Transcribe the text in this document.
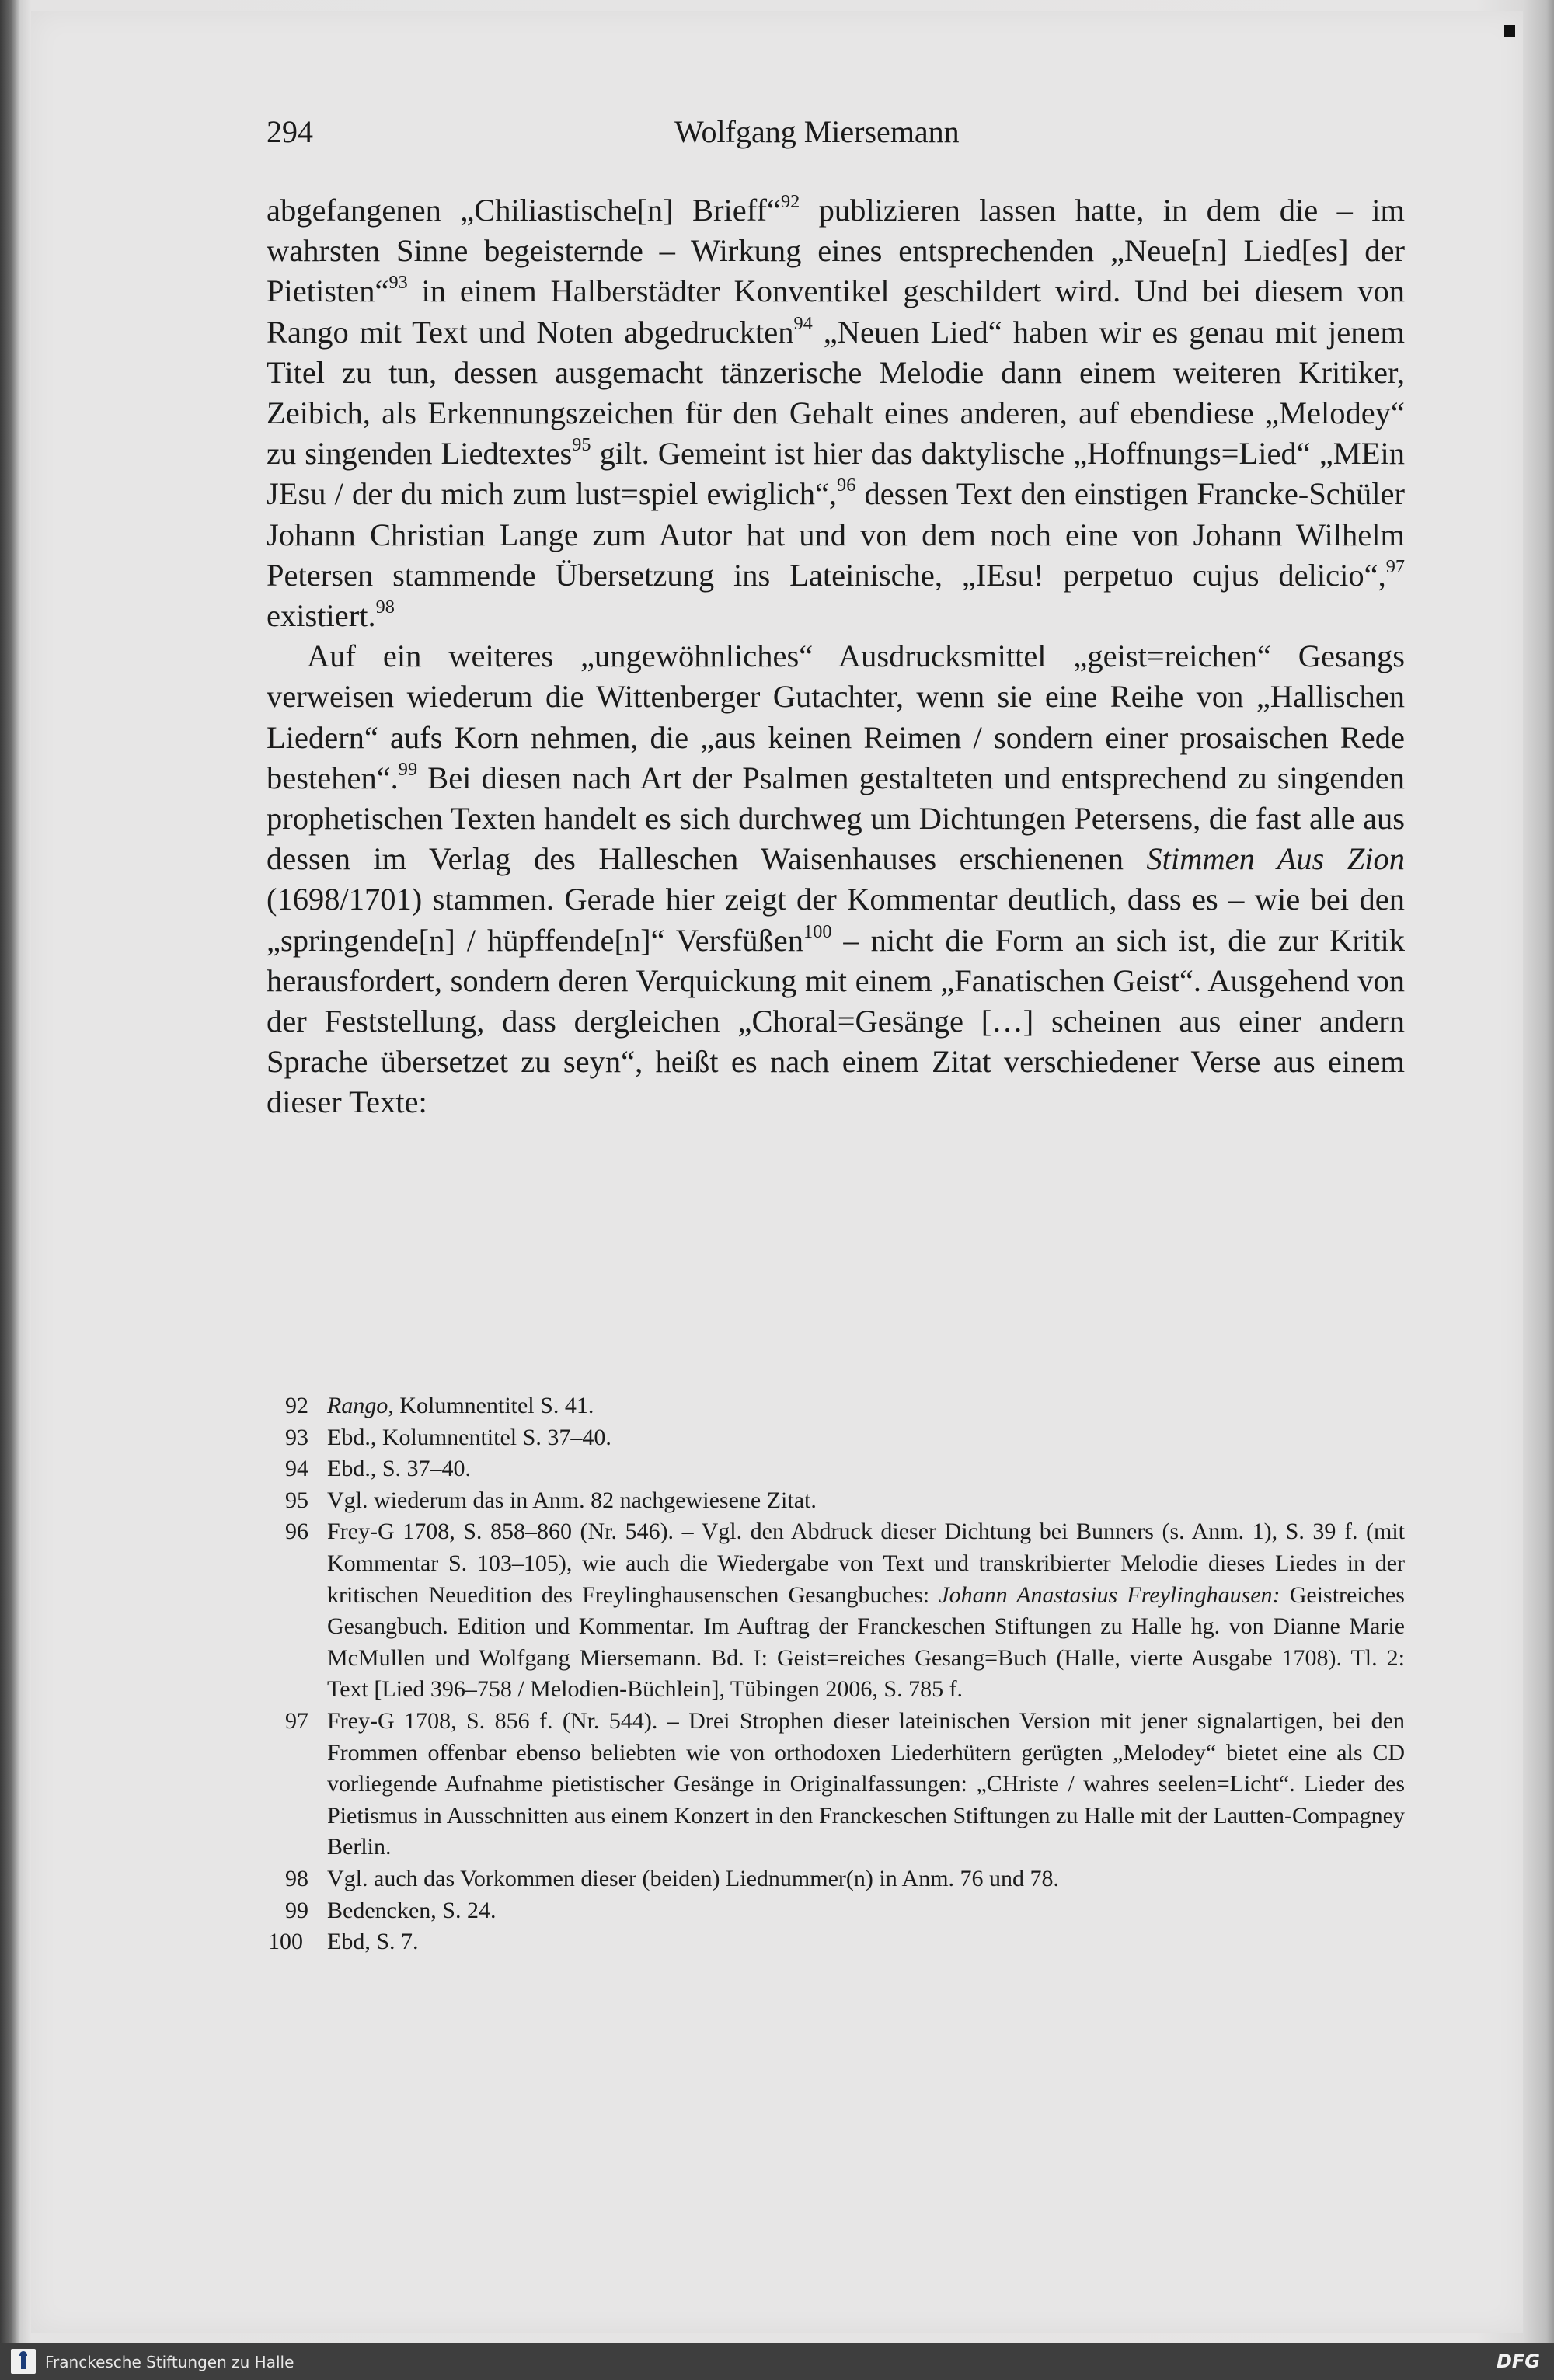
294	Wolfgang Miersemann

abgefangenen „Chiliastische[n] Brieff“$^{92}$ publizieren lassen hatte, in dem die – im wahrsten Sinne begeisternde – Wirkung eines entsprechenden „Neue[n] Lied[es] der Pietisten“$^{93}$ in einem Halberstädter Konventikel geschildert wird. Und bei diesem von Rango mit Text und Noten abgedruckten$^{94}$ „Neuen Lied“ haben wir es genau mit jenem Titel zu tun, dessen ausgemacht tänzerische Melodie dann einem weiteren Kritiker, Zeibich, als Erkennungszeichen für den Gehalt eines anderen, auf ebendiese „Melodey“ zu singenden Liedtextes$^{95}$ gilt. Gemeint ist hier das daktylische „Hoffnungs=Lied“ „MEin JEsu / der du mich zum lust=spiel ewiglich“,$^{96}$ dessen Text den einstigen Francke-Schüler Johann Christian Lange zum Autor hat und von dem noch eine von Johann Wilhelm Petersen stammende Übersetzung ins Lateinische, „IEsu! perpetuo cujus delicio“,$^{97}$ existiert.$^{98}$

Auf ein weiteres „ungewöhnliches“ Ausdrucksmittel „geist=reichen“ Gesangs verweisen wiederum die Wittenberger Gutachter, wenn sie eine Reihe von „Hallischen Liedern“ aufs Korn nehmen, die „aus keinen Reimen / sondern einer prosaischen Rede bestehen“.$^{99}$ Bei diesen nach Art der Psalmen gestalteten und entsprechend zu singenden prophetischen Texten handelt es sich durchweg um Dichtungen Petersens, die fast alle aus dessen im Verlag des Halleschen Waisenhauses erschienenen Stimmen Aus Zion (1698/1701) stammen. Gerade hier zeigt der Kommentar deutlich, dass es – wie bei den „springende[n] / hüpffende[n]“ Versfüßen$^{100}$ – nicht die Form an sich ist, die zur Kritik herausfordert, sondern deren Verquickung mit einem „Fanatischen Geist“. Ausgehend von der Feststellung, dass dergleichen „Choral=Gesänge […] scheinen aus einer andern Sprache übersetzet zu seyn“, heißt es nach einem Zitat verschiedener Verse aus einem dieser Texte:

92 Rango, Kolumnentitel S. 41.
93 Ebd., Kolumnentitel S. 37–40.
94 Ebd., S. 37–40.
95 Vgl. wiederum das in Anm. 82 nachgewiesene Zitat.
96 Frey-G 1708, S. 858–860 (Nr. 546). – Vgl. den Abdruck dieser Dichtung bei Bunners (s. Anm. 1), S. 39 f. (mit Kommentar S. 103–105), wie auch die Wiedergabe von Text und transkribierter Melodie dieses Liedes in der kritischen Neuedition des Freylinghausenschen Gesangbuches: Johann Anastasius Freylinghausen: Geistreiches Gesangbuch. Edition und Kommentar. Im Auftrag der Franckeschen Stiftungen zu Halle hg. von Dianne Marie McMullen und Wolfgang Miersemann. Bd. I: Geist=reiches Gesang=Buch (Halle, vierte Ausgabe 1708). Tl. 2: Text [Lied 396–758 / Melodien-Büchlein], Tübingen 2006, S. 785 f.
97 Frey-G 1708, S. 856 f. (Nr. 544). – Drei Strophen dieser lateinischen Version mit jener signalartigen, bei den Frommen offenbar ebenso beliebten wie von orthodoxen Liederhütern gerügten „Melodey“ bietet eine als CD vorliegende Aufnahme pietistischer Gesänge in Originalfassungen: „CHriste / wahres seelen=Licht“. Lieder des Pietismus in Ausschnitten aus einem Konzert in den Franckeschen Stiftungen zu Halle mit der Lautten-Compagney Berlin.
98 Vgl. auch das Vorkommen dieser (beiden) Liednummer(n) in Anm. 76 und 78.
99 Bedencken, S. 24.
100	Ebd, S. 7.
Franckesche Stiftungen zu Halle	DFG
